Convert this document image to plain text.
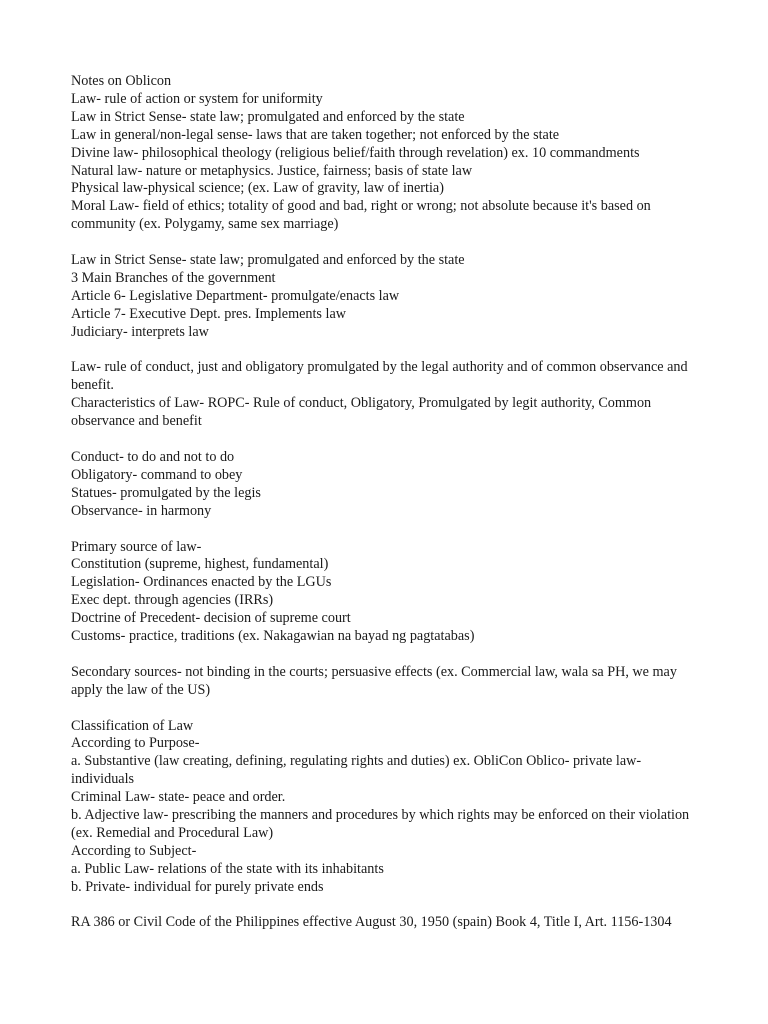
Notes on Oblicon
Law- rule of action or system for uniformity
Law in Strict Sense- state law; promulgated and enforced by the state
Law in general/non-legal sense- laws that are taken together; not enforced by the state
Divine law- philosophical theology (religious belief/faith through revelation) ex. 10 commandments
Natural law- nature or metaphysics. Justice, fairness; basis of state law
Physical law-physical science; (ex. Law of gravity, law of inertia)
Moral Law- field of ethics; totality of good and bad, right or wrong; not absolute because it's based on community (ex. Polygamy, same sex marriage)
Law in Strict Sense- state law; promulgated and enforced by the state
3 Main Branches of the government
Article 6- Legislative Department- promulgate/enacts law
Article 7- Executive Dept. pres. Implements law
Judiciary- interprets law
Law- rule of conduct, just and obligatory promulgated by the legal authority and of common observance and benefit.
Characteristics of Law- ROPC- Rule of conduct, Obligatory, Promulgated by legit authority, Common observance and benefit
Conduct- to do and not to do
Obligatory- command to obey
Statues- promulgated by the legis
Observance- in harmony
Primary source of law-
Constitution (supreme, highest, fundamental)
Legislation- Ordinances enacted by the LGUs
Exec dept. through agencies (IRRs)
Doctrine of Precedent- decision of supreme court
Customs- practice, traditions (ex. Nakagawian na bayad ng pagtatabas)
Secondary sources- not binding in the courts; persuasive effects (ex. Commercial law, wala sa PH, we may apply the law of the US)
Classification of Law
According to Purpose-
a. Substantive (law creating, defining, regulating rights and duties) ex. ObliCon Oblico- private law- individuals
Criminal Law- state- peace and order.
b. Adjective law- prescribing the manners and procedures by which rights may be enforced on their violation (ex. Remedial and Procedural Law)
According to Subject-
a. Public Law- relations of the state with its inhabitants
b. Private- individual for purely private ends
RA 386 or Civil Code of the Philippines effective August 30, 1950 (spain) Book 4, Title I, Art. 1156-1304
